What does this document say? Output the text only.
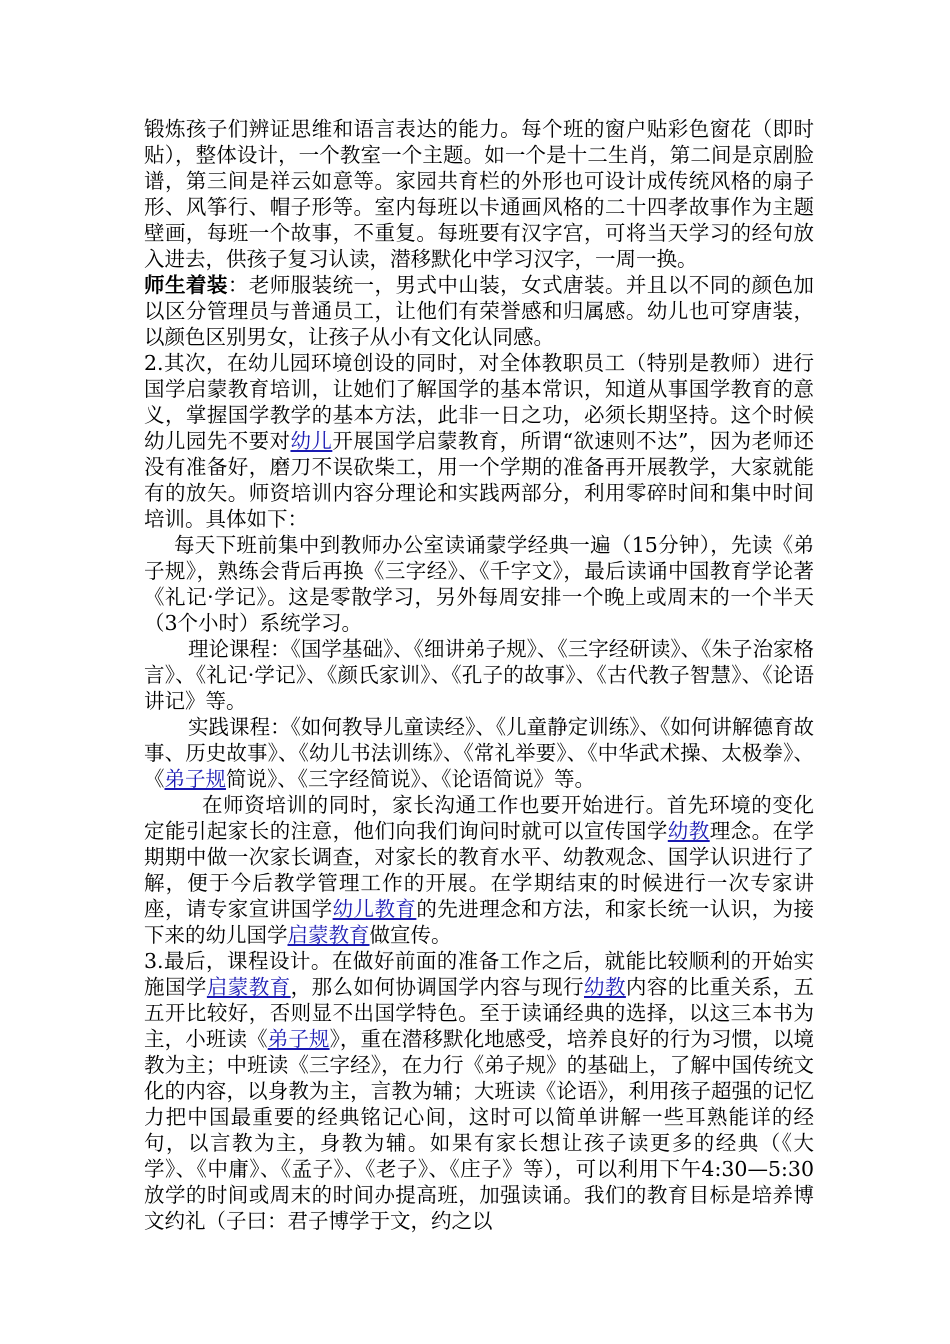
锻炼孩子们辨证思维和语言表达的能力。每个班的窗户贴彩色窗花（即时贴），整体设计，一个教室一个主题。如一个是十二生肖，第二间是京剧脸谱，第三间是祥云如意等。家园共育栏的外形也可设计成传统风格的扇子形、风筝行、帽子形等。室内每班以卡通画风格的二十四孝故事作为主题壁画，每班一个故事，不重复。每班要有汉字宫，可将当天学习的经句放入进去，供孩子复习认读，潜移默化中学习汉字，一周一换。

师生着装：老师服装统一，男式中山装，女式唐装。并且以不同的颜色加以区分管理员与普通员工，让他们有荣誉感和归属感。幼儿也可穿唐装，以颜色区别男女，让孩子从小有文化认同感。

2.其次，在幼儿园环境创设的同时，对全体教职员工（特别是教师）进行国学启蒙教育培训，让她们了解国学的基本常识，知道从事国学教育的意义，掌握国学教学的基本方法，此非一日之功，必须长期坚持。这个时候幼儿园先不要对幼儿开展国学启蒙教育，所谓“欲速则不达”，因为老师还没有准备好，磨刀不误砍柴工，用一个学期的准备再开展教学，大家就能有的放矢。师资培训内容分理论和实践两部分，利用零碎时间和集中时间培训。具体如下：

每天下班前集中到教师办公室读诵蒙学经典一遍（15分钟），先读《弟子规》，熟练会背后再换《三字经》、《千字文》，最后读诵中国教育学论著《礼记·学记》。这是零散学习，另外每周安排一个晚上或周末的一个半天（3个小时）系统学习。

理论课程：《国学基础》、《细讲弟子规》、《三字经研读》、《朱子治家格言》、《礼记·学记》、《颜氏家训》、《孔子的故事》、《古代教子智慧》、《论语讲记》等。

实践课程：《如何教导儿童读经》、《儿童静定训练》、《如何讲解德育故事、历史故事》、《幼儿书法训练》、《常礼举要》、《中华武术操、太极拳》、《弟子规简说》、《三字经简说》、《论语简说》等。

在师资培训的同时，家长沟通工作也要开始进行。首先环境的变化定能引起家长的注意，他们向我们询问时就可以宣传国学幼教理念。在学期期中做一次家长调查，对家长的教育水平、幼教观念、国学认识进行了解，便于今后教学管理工作的开展。在学期结束的时候进行一次专家讲座，请专家宣讲国学幼儿教育的先进理念和方法，和家长统一认识，为接下来的幼儿国学启蒙教育做宣传。

3.最后，课程设计。在做好前面的准备工作之后，就能比较顺利的开始实施国学启蒙教育，那么如何协调国学内容与现行幼教内容的比重关系，五五开比较好，否则显不出国学特色。至于读诵经典的选择，以这三本书为主，小班读《弟子规》，重在潜移默化地感受，培养良好的行为习惯，以境教为主；中班读《三字经》，在力行《弟子规》的基础上，了解中国传统文化的内容，以身教为主，言教为辅；大班读《论语》，利用孩子超强的记忆力把中国最重要的经典铭记心间，这时可以简单讲解一些耳熟能详的经句，以言教为主，身教为辅。如果有家长想让孩子读更多的经典（《大学》、《中庸》、《孟子》、《老子》、《庄子》等），可以利用下午4:30—5:30放学的时间或周末的时间办提高班，加强读诵。我们的教育目标是培养博文约礼（子曰：君子博学于文，约之以
